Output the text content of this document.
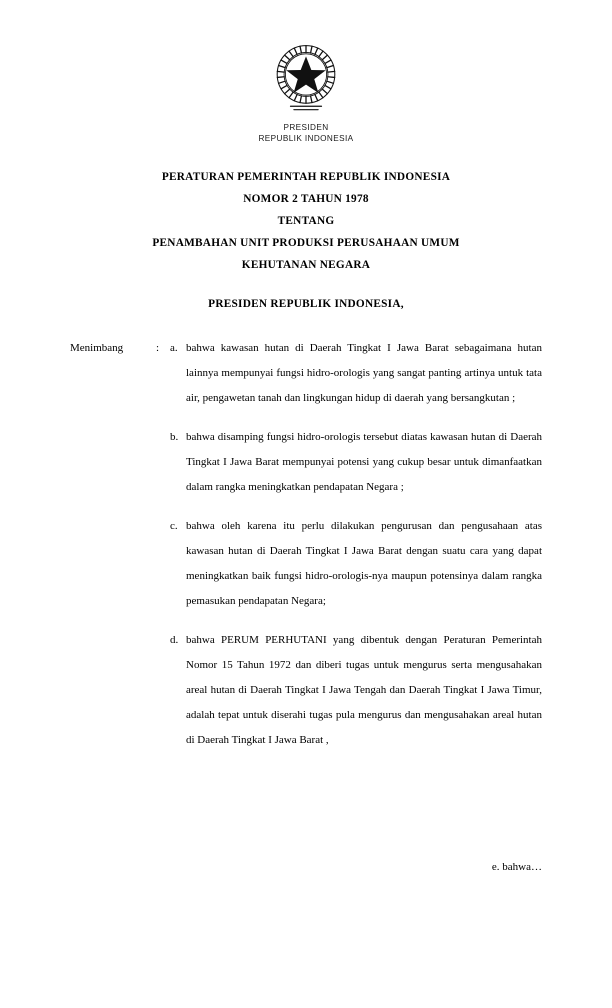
PRESIDEN
REPUBLIK INDONESIA
PERATURAN PEMERINTAH REPUBLIK INDONESIA
NOMOR 2 TAHUN 1978
TENTANG
PENAMBAHAN UNIT PRODUKSI PERUSAHAAN UMUM
KEHUTANAN NEGARA
PRESIDEN REPUBLIK INDONESIA,
Menimbang	: a. bahwa kawasan hutan di Daerah Tingkat I Jawa Barat sebagaimana hutan lainnya mempunyai fungsi hidro-orologis yang sangat panting artinya untuk tata air, pengawetan tanah dan lingkungan hidup di daerah yang bersangkutan ;
b. bahwa disamping fungsi hidro-orologis tersebut diatas kawasan hutan di Daerah Tingkat I Jawa Barat mempunyai potensi yang cukup besar untuk dimanfaatkan dalam rangka meningkatkan pendapatan Negara ;
c. bahwa oleh karena itu perlu dilakukan pengurusan dan pengusahaan atas kawasan hutan di Daerah Tingkat I Jawa Barat dengan suatu cara yang dapat meningkatkan baik fungsi hidro-orologis-nya maupun potensinya dalam rangka pemasukan pendapatan Negara;
d. bahwa PERUM PERHUTANI yang dibentuk dengan Peraturan Pemerintah Nomor 15 Tahun 1972 dan diberi tugas untuk mengurus serta mengusahakan areal hutan di Daerah Tingkat I Jawa Tengah dan Daerah Tingkat I Jawa Timur, adalah tepat untuk diserahi tugas pula mengurus dan mengusahakan areal hutan di Daerah Tingkat I Jawa Barat ,
e. bahwa…
